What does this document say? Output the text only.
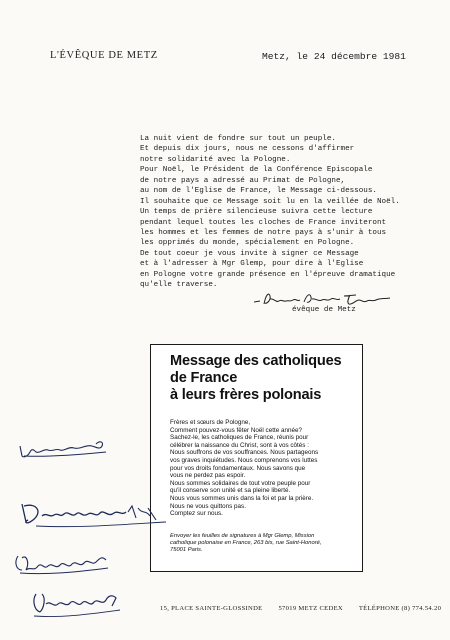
L'ÉVÊQUE DE METZ	Metz, le 24 décembre 1981
La nuit vient de fondre sur tout un peuple.
Et depuis dix jours, nous ne cessons d'affirmer
notre solidarité avec la Pologne.
Pour Noël, le Président de la Conférence Episcopale
de notre pays a adressé au Primat de Pologne,
au nom de l'Eglise de France, le Message ci-dessous.
Il souhaite que ce Message soit lu en la veillée de Noël.
Un temps de prière silencieuse suivra cette lecture
pendant lequel toutes les cloches de France inviteront
les hommes et les femmes de notre pays à s'unir à tous
les opprimés du monde, spécialement en Pologne.
De tout coeur je vous invite à signer ce Message
et à l'adresser à Mgr Glemp, pour dire à l'Eglise
en Pologne votre grande présence en l'épreuve dramatique
qu'elle traverse.
évêque de Metz
Message des catholiques
de France
à leurs frères polonais
Frères et sœurs de Pologne,
Comment pouvez-vous fêter Noël cette année?
Sachez-le, les catholiques de France, réunis pour
célébrer la naissance du Christ, sont à vos côtés :
Nous souffrons de vos souffrances. Nous partageons
vos graves inquiétudes. Nous comprenons vos luttes
pour vos droits fondamentaux. Nous savons que
vous ne perdez pas espoir.
Nous sommes solidaires de tout votre peuple pour
qu'il conserve son unité et sa pleine liberté.
Nous vous sommes unis dans la foi et par la prière.
Nous ne vous quittons pas.
Comptez sur nous.
Envoyer les feuilles de signatures à Mgr Glemp, Mission
catholique polonaise en France, 263 bis, rue Saint-Honoré,
75001 Paris.
15, PLACE SAINTE-GLOSSINDE 57019 METZ CEDEX TÉLÉPHONE (8) 774.54.20
